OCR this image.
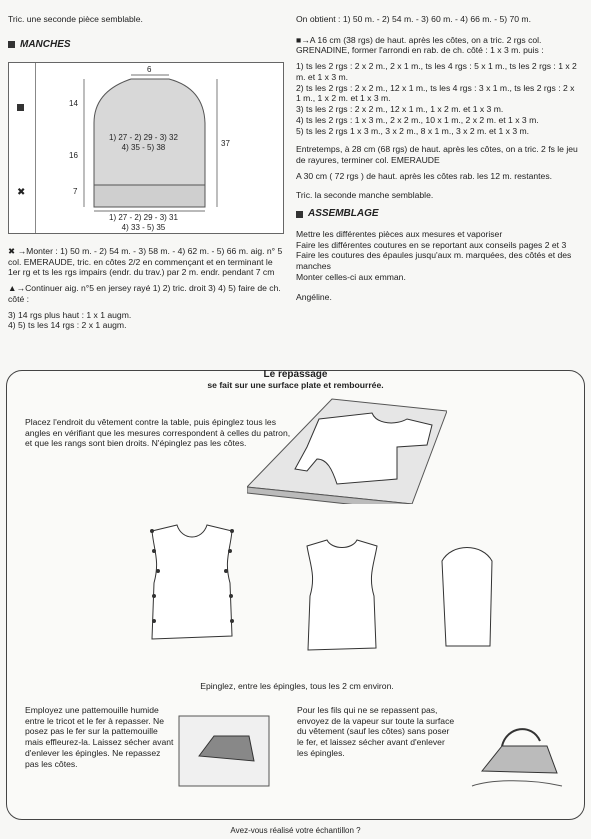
Tric. une seconde pièce semblable.

MANCHES
✖
6
14
16
7
37
1) 27 - 2) 29 - 3) 32
4) 35 - 5) 38
1) 27 - 2) 29 - 3) 31
4) 33 - 5) 35

✖ →Monter : 1) 50 m. - 2) 54 m. - 3) 58 m. - 4) 62 m. - 5) 66 m. aig. n° 5 col. EMERAUDE, tric. en côtes 2/2 en commençant et en terminant le 1er rg et ts les rgs impairs (endr. du trav.) par 2 m. endr. pendant 7 cm

▲→Continuer aig. n°5 en jersey rayé 1) 2) tric. droit 3) 4) 5) faire de ch. côté :

3) 14 rgs plus haut : 1 x 1 augm.
4) 5) ts les 14 rgs : 2 x 1 augm.

On obtient : 1) 50 m. - 2) 54 m. - 3) 60 m. - 4) 66 m. - 5) 70 m.

■→A 16 cm (38 rgs) de haut. après les côtes, on a tric. 2 rgs col. GRENADINE, former l'arrondi en rab. de ch. côté : 1 x 3 m. puis :

1) ts les 2 rgs : 2 x 2 m., 2 x 1 m., ts les 4 rgs : 5 x 1 m., ts les 2 rgs : 1 x 2 m. et 1 x 3 m.
2) ts les 2 rgs : 2 x 2 m., 12 x 1 m., ts les 4 rgs : 3 x 1 m., ts les 2 rgs : 2 x 1 m., 1 x 2 m. et 1 x 3 m.
3) ts les 2 rgs : 2 x 2 m., 12 x 1 m., 1 x 2 m. et 1 x 3 m.
4) ts les 2 rgs : 1 x 3 m., 2 x 2 m., 10 x 1 m., 2 x 2 m. et 1 x 3 m.
5) ts les 2 rgs 1 x 3 m., 3 x 2 m., 8 x 1 m., 3 x 2 m. et 1 x 3 m.

Entretemps, à 28 cm (68 rgs) de haut. après les côtes, on a tric. 2 fs le jeu de rayures, terminer col. EMERAUDE

A 30 cm ( 72 rgs ) de haut. après les côtes rab. les 12 m. restantes.

Tric. la seconde manche semblable.

ASSEMBLAGE
Mettre les différentes pièces aux mesures et vaporiser
Faire les différentes coutures en se reportant aux conseils pages 2 et 3
Faire les coutures des épaules jusqu'aux m. marquées, des côtés et des manches
Monter celles-ci aux emman.
Angéline.
Le repassage
se fait sur une surface plate et rembourrée.
Placez l'endroit du vêtement contre la table, puis épinglez tous les angles en vérifiant que les mesures correspondent à celles du patron, et que les rangs sont bien droits. N'épinglez pas les côtes.
Epinglez, entre les épingles, tous les 2 cm environ.
Employez une pattemouille humide entre le tricot et le fer à repasser. Ne posez pas le fer sur la pattemouille mais effleurez-la. Laissez sécher avant d'enlever les épingles. Ne repassez pas les côtes.
Pour les fils qui ne se repassent pas, envoyez de la vapeur sur toute la surface du vêtement (sauf les côtes) sans poser le fer, et laissez sécher avant d'enlever les épingles.
Avez-vous réalisé votre échantillon ?
